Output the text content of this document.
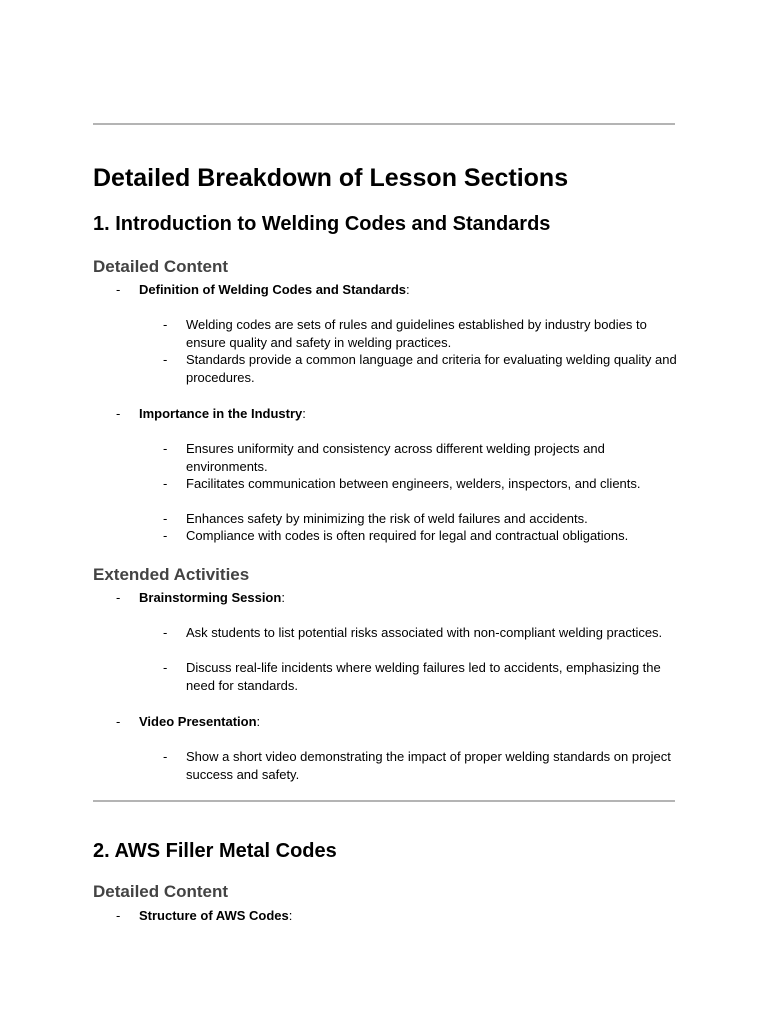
Detailed Breakdown of Lesson Sections
1. Introduction to Welding Codes and Standards
Detailed Content
- Definition of Welding Codes and Standards:
- Welding codes are sets of rules and guidelines established by industry bodies to ensure quality and safety in welding practices.
- Standards provide a common language and criteria for evaluating welding quality and procedures.
- Importance in the Industry:
- Ensures uniformity and consistency across different welding projects and environments.
- Facilitates communication between engineers, welders, inspectors, and clients.
- Enhances safety by minimizing the risk of weld failures and accidents.
- Compliance with codes is often required for legal and contractual obligations.
Extended Activities
- Brainstorming Session:
- Ask students to list potential risks associated with non-compliant welding practices.
- Discuss real-life incidents where welding failures led to accidents, emphasizing the need for standards.
- Video Presentation:
- Show a short video demonstrating the impact of proper welding standards on project success and safety.
2. AWS Filler Metal Codes
Detailed Content
- Structure of AWS Codes:
